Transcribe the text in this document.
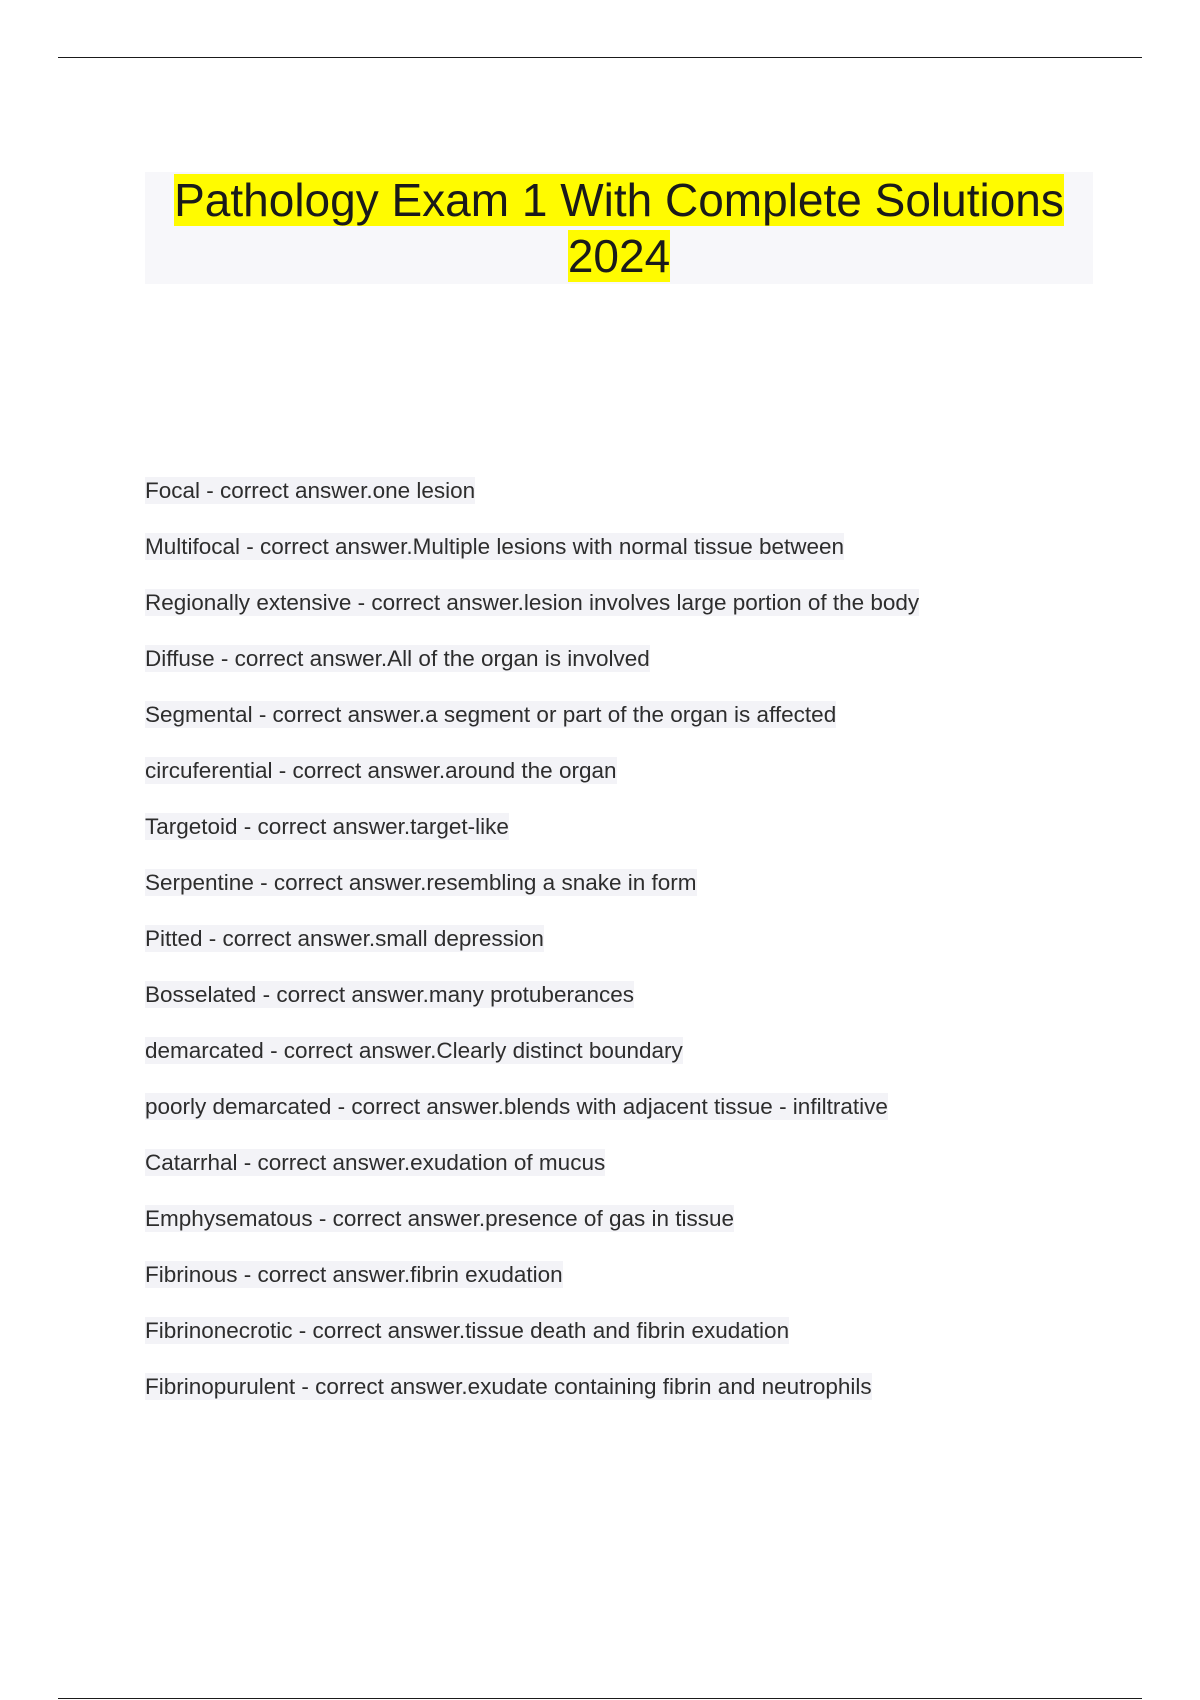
Pathology Exam 1 With Complete Solutions
2024
Focal - correct answer.one lesion
Multifocal - correct answer.Multiple lesions with normal tissue between
Regionally extensive - correct answer.lesion involves large portion of the body
Diffuse - correct answer.All of the organ is involved
Segmental - correct answer.a segment or part of the organ is affected
circuferential - correct answer.around the organ
Targetoid - correct answer.target-like
Serpentine - correct answer.resembling a snake in form
Pitted - correct answer.small depression
Bosselated - correct answer.many protuberances
demarcated - correct answer.Clearly distinct boundary
poorly demarcated - correct answer.blends with adjacent tissue - infiltrative
Catarrhal - correct answer.exudation of mucus
Emphysematous - correct answer.presence of gas in tissue
Fibrinous - correct answer.fibrin exudation
Fibrinonecrotic - correct answer.tissue death and fibrin exudation
Fibrinopurulent - correct answer.exudate containing fibrin and neutrophils
